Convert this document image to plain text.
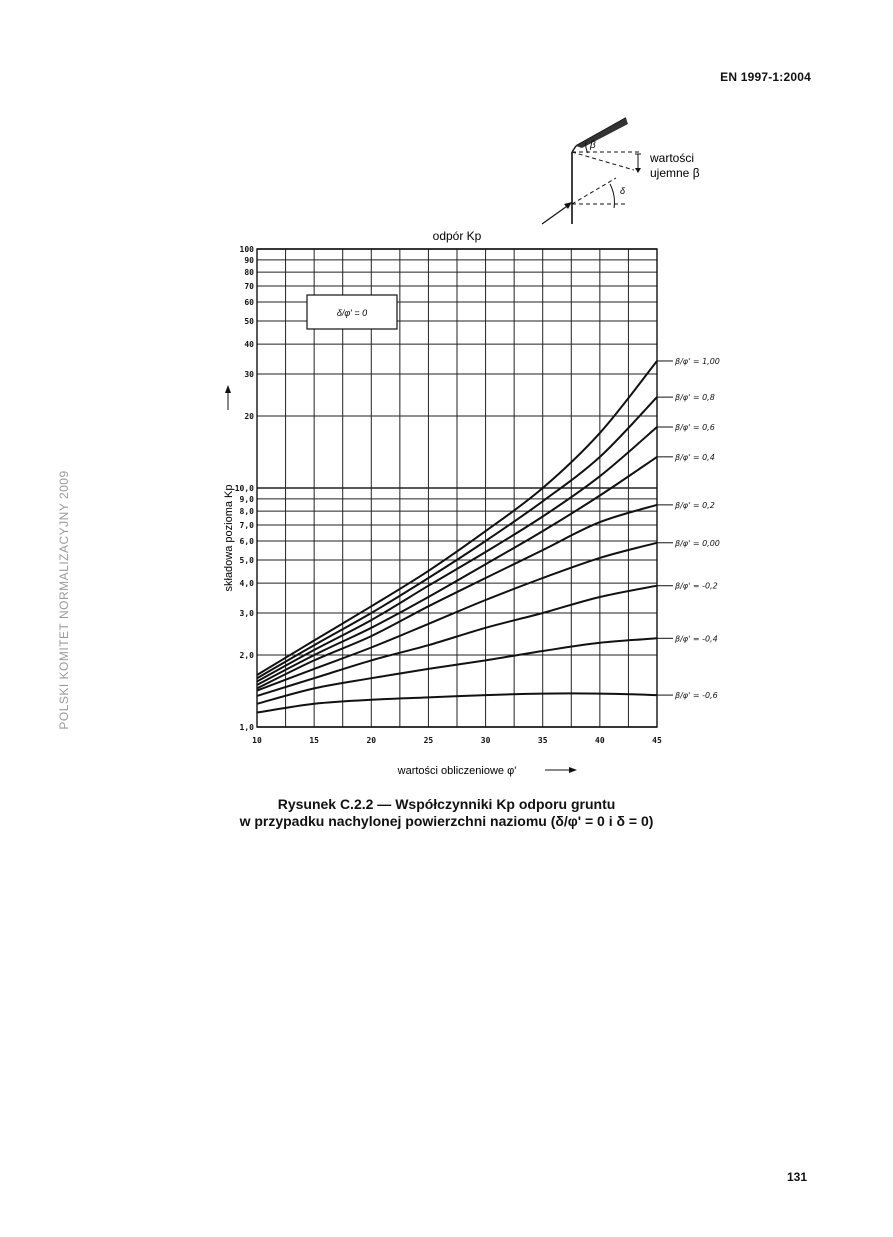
EN 1997-1:2004
POLSKI KOMITET NORMALIZACYJNY 2009
β
wartości
ujemne β
δ
odpór Kp
1,0
2,0
3,0
4,0
5,0
6,0
7,0
8,0
9,0
10,0
20
30
40
50
60
70
80
90
100
10	15	20	25	30	35	40	45
β/φ' = 1,00
β/φ' = 0,8
β/φ' = 0,6
β/φ' = 0,4
β/φ' = 0,2
β/φ' = 0,00
β/φ' = -0,2
β/φ' = -0,4
β/φ' = -0,6
δ/φ' = 0
wartości obliczeniowe φ'
składowa pozioma Kp
Rysunek C.2.2 — Współczynniki Kp odporu gruntu
w przypadku nachylonej powierzchni naziomu (δ/φ' = 0 i δ = 0)
131
